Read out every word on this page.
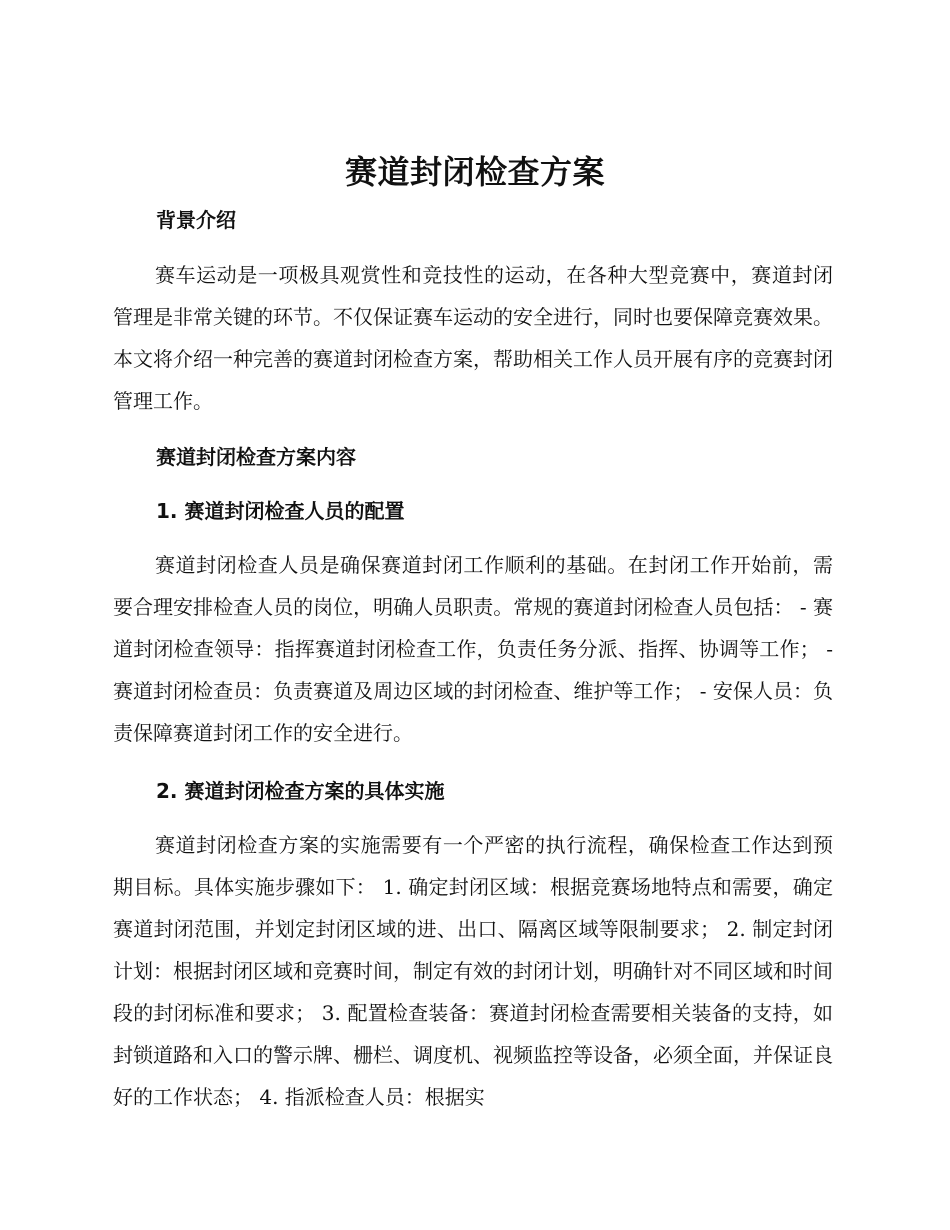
赛道封闭检查方案
背景介绍
赛车运动是一项极具观赏性和竞技性的运动，在各种大型竞赛中，赛道封闭管理是非常关键的环节。不仅保证赛车运动的安全进行，同时也要保障竞赛效果。本文将介绍一种完善的赛道封闭检查方案，帮助相关工作人员开展有序的竞赛封闭管理工作。
赛道封闭检查方案内容
1. 赛道封闭检查人员的配置
赛道封闭检查人员是确保赛道封闭工作顺利的基础。在封闭工作开始前，需要合理安排检查人员的岗位，明确人员职责。常规的赛道封闭检查人员包括： - 赛道封闭检查领导：指挥赛道封闭检查工作，负责任务分派、指挥、协调等工作； - 赛道封闭检查员：负责赛道及周边区域的封闭检查、维护等工作； - 安保人员：负责保障赛道封闭工作的安全进行。
2. 赛道封闭检查方案的具体实施
赛道封闭检查方案的实施需要有一个严密的执行流程，确保检查工作达到预期目标。具体实施步骤如下： 1. 确定封闭区域：根据竞赛场地特点和需要，确定赛道封闭范围，并划定封闭区域的进、出口、隔离区域等限制要求； 2. 制定封闭计划：根据封闭区域和竞赛时间，制定有效的封闭计划，明确针对不同区域和时间段的封闭标准和要求； 3. 配置检查装备：赛道封闭检查需要相关装备的支持，如封锁道路和入口的警示牌、栅栏、调度机、视频监控等设备，必须全面，并保证良好的工作状态； 4. 指派检查人员：根据实
